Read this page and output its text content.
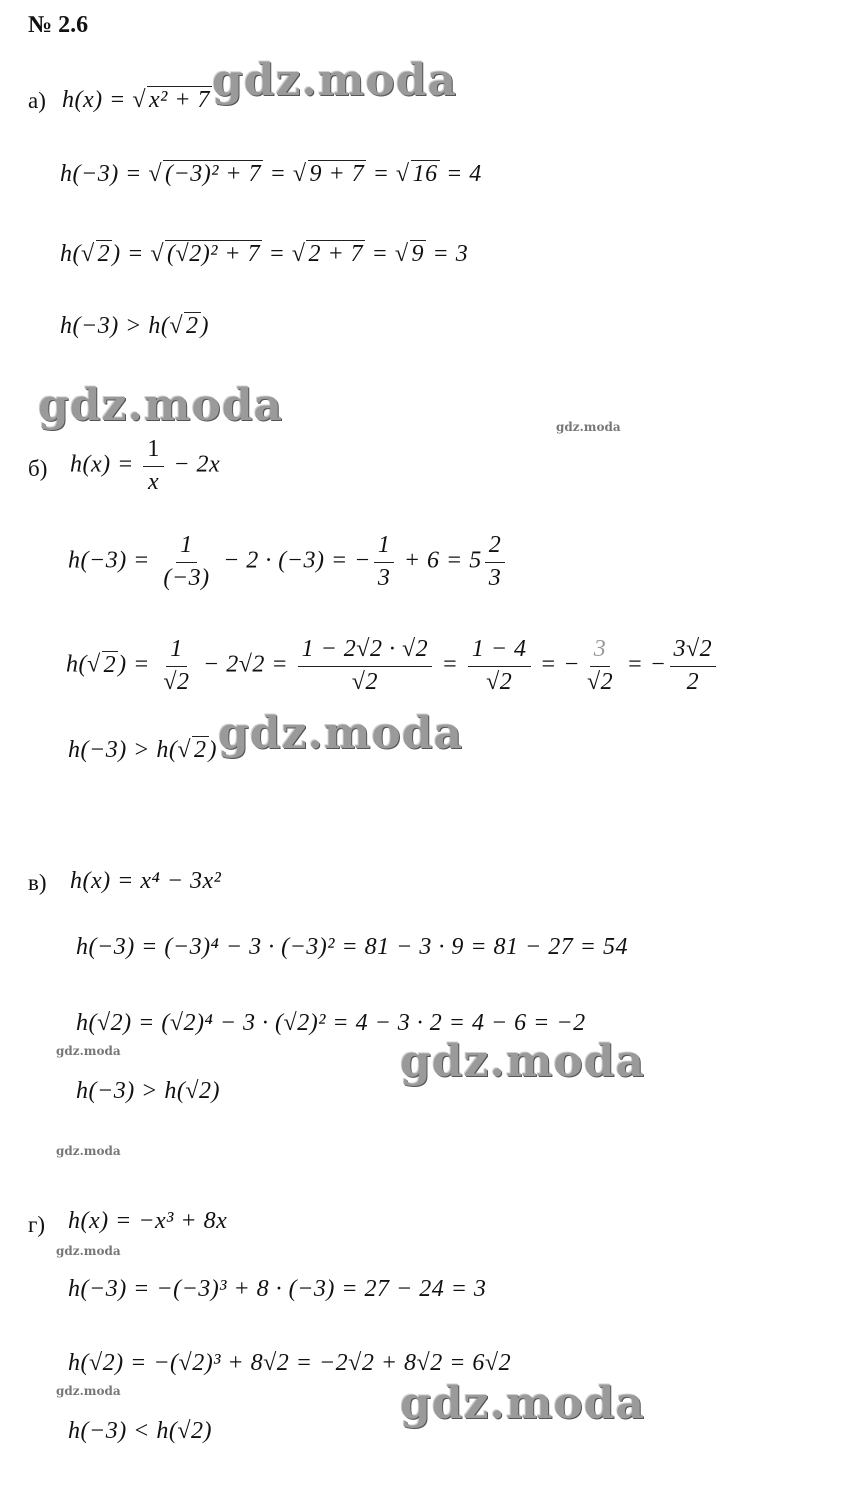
№ 2.6
а) h(x) = √ x² + 7 gdz.moda
h(−3) = √ (−3)² + 7 = √ 9 + 7 = √ 16 = 4
h(√ 2) = √ (√2)² + 7 = √ 2 + 7 = √ 9 = 3
h(−3) > h(√ 2)
gdz.moda	gdz.moda
б) $h(x) = \frac{1}{x} - 2x$
$h(-3) = \frac{1}{(-3)} - 2 \cdot (-3)$ = − $\frac{1}{3} + 6 = 5 \frac{2}{3}$
h(√ $2) = \frac{1}{√2} - 2√2 = \frac{1 - 2√2 \cdot √2}{√2} = \frac{1 - 4}{√2}$ = − $\frac{3}{√2}$ = − $\frac{3√2}{2}$
h(−3) > h(√ 2) gdz.moda
в) h(x) = x⁴ − 3x²
h(−3) = (−3)⁴ − 3 · (−3)² = 81 − 3 · 9 = 81 − 27 = 54
h(√2) = (√2)⁴ − 3 · (√2)² = 4 − 3 · 2 = 4 − 6 = −2
gdz.moda	gdz.moda
h(−3) > h(√2)
gdz.moda
г) h(x) = −x³ + 8x
gdz.moda
h(−3) = −(−3)³ + 8 · (−3) = 27 − 24 = 3
h(√2) = −(√2)³ + 8√2 = −2√2 + 8√2 = 6√2
gdz.moda	gdz.moda
h(−3) < h(√2)
